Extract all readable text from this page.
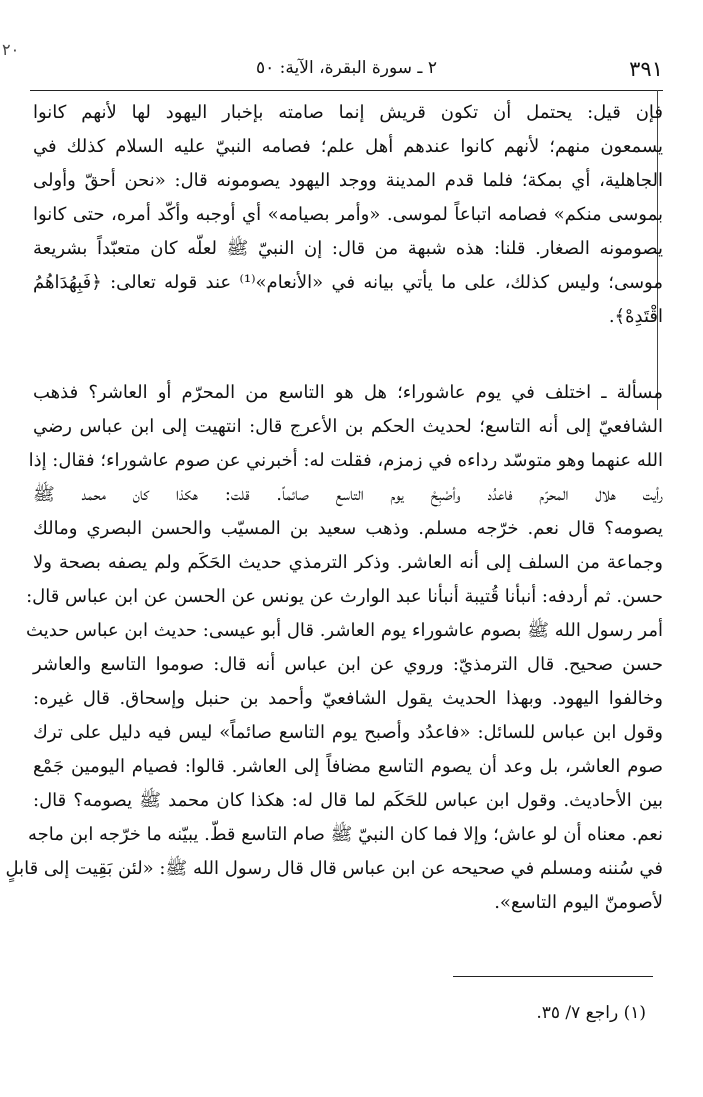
٢٠
٣٩١
٢ ـ سورة البقرة، الآية: ٥٠
فإن قيل: يحتمل أن تكون قريش إنما صامته بإخبار اليهود لها لأنهم كانوا
يسمعون منهم؛ لأنهم كانوا عندهم أهل علم؛ فصامه النبيّ عليه السلام كذلك في
الجاهلية، أي بمكة؛ فلما قدم المدينة ووجد اليهود يصومونه قال: «نحن أحقّ وأولى
بموسى منكم» فصامه اتباعاً لموسى. «وأمر بصيامه» أي أوجبه وأكّد أمره، حتى كانوا
يصومونه الصغار. قلنا: هذه شبهة من قال: إن النبيّ ﷺ لعلّه كان متعبّداً بشريعة
موسى؛ وليس كذلك، على ما يأتي بيانه في «الأنعام»⁽¹⁾ عند قوله تعالى: ﴿فَبِهُدَاهُمُ
اقْتَدِهْ﴾.
مسألة ـ اختلف في يوم عاشوراء؛ هل هو التاسع من المحرّم أو العاشر؟ فذهب
الشافعيّ إلى أنه التاسع؛ لحديث الحكم بن الأعرج قال: انتهيت إلى ابن عباس رضي
الله عنهما وهو متوسّد رداءه في زمزم، فقلت له: أخبرني عن صوم عاشوراء؛ فقال: إذا
رأيت هلال المحرّم فاعدُد وأصْبِحْ يوم التاسع صائماً. قلت: هكذا كان محمد ﷺ
يصومه؟ قال نعم. خرّجه مسلم. وذهب سعيد بن المسيّب والحسن البصري ومالك
وجماعة من السلف إلى أنه العاشر. وذكر الترمذي حديث الحَكَم ولم يصفه بصحة ولا
حسن. ثم أردفه: أنبأنا قُتيبة أنبأنا عبد الوارث عن يونس عن الحسن عن ابن عباس قال:
أمر رسول الله ﷺ بصوم عاشوراء يوم العاشر. قال أبو عيسى: حديث ابن عباس حديث
حسن صحيح. قال الترمذيّ: وروي عن ابن عباس أنه قال: صوموا التاسع والعاشر
وخالفوا اليهود. وبهذا الحديث يقول الشافعيّ وأحمد بن حنبل وإسحاق. قال غيره:
وقول ابن عباس للسائل: «فاعدُد وأصبح يوم التاسع صائماً» ليس فيه دليل على ترك
صوم العاشر، بل وعد أن يصوم التاسع مضافاً إلى العاشر. قالوا: فصيام اليومين جَمْع
بين الأحاديث. وقول ابن عباس للحَكَم لما قال له: هكذا كان محمد ﷺ يصومه؟ قال:
نعم. معناه أن لو عاش؛ وإلا فما كان النبيّ ﷺ صام التاسع قطّ. يبيّنه ما خرّجه ابن ماجه
في سُننه ومسلم في صحيحه عن ابن عباس قال قال رسول الله ﷺ: «لئن بَقِيت إلى قابلٍ
لأصومنّ اليوم التاسع».
(١) راجع ٧/ ٣٥.
